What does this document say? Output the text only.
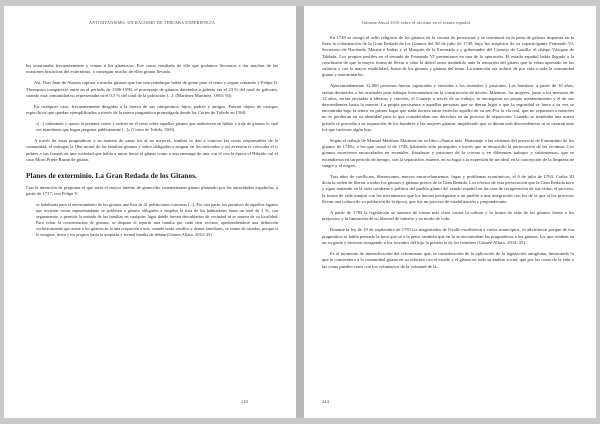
ANTIGITANISMO: UN RACISMO DE TERCERA EXPERIENCIA

les ocasionaba frecuentemente y comer a los gitanos/as. Fue como resultado de ello que podamos llevarnos a dar muchas de las ocasiones históricas del exterminio, a conseguir mucho de ellos gitano llevada.

Así, Don Juan de Austria captura a mucha gitanos que fue una redadaque había de gente para el remo y seguir remando y Felipe II. Thompson compareció entre en el período de 1586-1590, el porcentaje de gitanos detenidos a galeras era el 23 % del total de galeotes, cuando esta comunidad no representaba ni el 0,5 % del total de la población [...]. (Martínez Martínez, 1993: 94)

En cualquier caso, frecuentemente dirigidas a la fuerza de sus campesinos, hijos, padres y amigos. Fueron objeto de castigos específicos que quedan ejemplificados a través de la nueva pragmática promulgada desde las Cortes de Toledo en 1560:

«[...] ordenando y quiero la presente cortes y ordenó en el reino sobre aquellos gitanos que anduvieren en hábito y traje de gitanos lo cual vos mandamos que hagan pregonar públicamente [...]» (Cortes de Toledo, 1560).

A través de estas pragmáticas y su manera de sanar los al no mejores, sombra se dan a conocer las cosas responsables de la comunidad, el entregas la Oba moral de las familias gitanas y sobre obligadas a asignar en los mercados y así aversión te colocaba el ir pobres a sus formas en una sociedad que había a mirar hacia el gitano como a una enemiga de una con el con la época el Hibrido cul el caso Moro Priete Bazan de gitano.

Planes de exterminio. La Gran Redada de los Gitanos.

Con la intención de proponer el que sería el mayor intento de genocidio sistematizado gitano planeado por las autoridades españolas, a partir de 1717, con Felipe V:

se habilitaría para el encerramiento de los gitanos una lista de 41 poblaciones concretas [...]. Por otra parte, los permisos de aquellos lugares que tuvieron cerrar superabundante se poblasen a gitanos obligados a emplear la lista de los habitadores hasta un total de 3 %, con seguramente, a permitir la entrada de las familias en cualquier lugar donde fuesen descubiertos de vecindad ni se mueva de su localidad. Para evitar la concentración de gitanos, se dispone el repartir una familia por cada cien vecinos, aprehendiéndose una definición exclusivamente que asiste a los gitanos en la una ocupación a seis, cuando serán vasallos y demás familiares, se exime de casados, porque si le otorgase, tierra y los propios hasta la aceptada y formal familia de debían (Gómez Alfaro, 2014: 25).
243
Informe Anual 2016 sobre el racismo en el estado español

En 1749 se otorgó el sello religioso de los gitanos en la corona de provincias y se terminará en la pena de galeras impuesta en la línea la colonización de la Gran Redada de los Gitanos del 30 de julio de 1749, bajo los auspicios de su coparticipante Fernando VI, Secretario de Hacienda, Marina e Indias y el Marqués de la Ensenada y y gobernador del Consejo de Castilla, el obispo Vázquez de Tablada. Los propios perfiles en el reinado de Fernando VI presentaron en una de la operación. El estado español había llegado a la conclusión de que la mayor forma de llevar a cabo la difícil tarea tratándolo ante la tentación del gitano que lo veían apresado en las culturas y con la mayor estabilidad, Juana de los gitanos y gitanas del reino. La intención era reducir de por vida a toda la comunidad gitana y exterminarlos.

Aproximadamente 12.000 personas fueron capturadas y enviadas a los arsenales y prisiones. Los hombres, a partir de 16 años, serían destinados a los arsenales para trabajar forzosamente en la construcción de navíos. Mientras, las mujeres, junto a los menores de 12 años, serían enviadas a fábricas y cárceles, el Consejo a través de su trabajo, se encargaron no propio mantenimiento y el de sus descendientes hasta la muerte. La propia persistente a aquellas personas que se dieran lugar a que la seguridad se fuera a su vez se encontraba bajo la temor en primer lugar que nada tuviera tanto estrecho aquello de su ser. Por la vía real, que no separaron a menores no se perdieran en su identidad para lo que consideraban sus derechos en un proceso de separación. Cuando se tramitaba una nueva prisión se procedía a su separación de los hombres y las mujeres gitanas, impidiendo que se dieran más descendencias ni se casaran ante los que tuvieron algún hijo.

Según el trabajo de Manuel Martínez Martínez en su libro «Nunca más. Homenaje a las víctimas del proyecto de Exterminio de los gitanos de 1749», a los que causó el de 1749, habiendo sido protegidos a través que se desarrolló la persecución de las víctimas. Los gitanos estuvieron encarcelados en arsenales, fortalezas y prisiones de la corona y en diferentes trabajos y sufrimientos, que se extendieron en un período de tiempo, con la separación, muerte, en su lugar a la expresión de un ideal en la concepción de la limpieza de sangre y el origen.

Tras años de conflictos, liberaciones, nuevos encarcelamientos, fugas y problemas económicos, el 6 de julio de 1763, Carlos III dicta la orden de liberar a todos los gitanos y gitanas presos de la Gran Redada. Los efectos de esta persecución que la Gran Redada tuvo y sigue teniendo en la vida cotidiana y política del pueblo gitano del estado español en las vías de recuperación de sus vidas, el proceso, la forma de vida rompió con los mecanismos que los hacían perseguirse a un pueblo a una integración con los de la que sí los procesos llevan una cultura de su población de la época, que fue un proceso de estabilización y preponderante.

A partir de 1783 la legislación se suavizó de forma más clara contra la cultura y la forma de vida de los gitanos frente a los prejuicios y la limitación de su libertad de tránsito y su modo de vida.

Durante la ley de 19 de septiembre de 1783 los magistrados de Ovalle escribieron a varios municipios, se advirtieron porque de esa pragmática se había pensado la hora que se a la pena, también que en la se encontraban las pragmáticas a los gitanos, los que estaban en un su gente y hicieron rezagando a los forzados del hijo la prisión la de los hombres (Gómez Alfaro, 2014: 25).

Es el momento de intensificación del reformismo que, la consideración de la aplicación de la legislación antigitana, destacando lo que le concerniera a la comunidad gitana en su relación con el estado y el gitano en todo su ámbito social, que por las cosas de la vida y las cosas pueden venir con los voluntarios de la voluntad de la...

244
